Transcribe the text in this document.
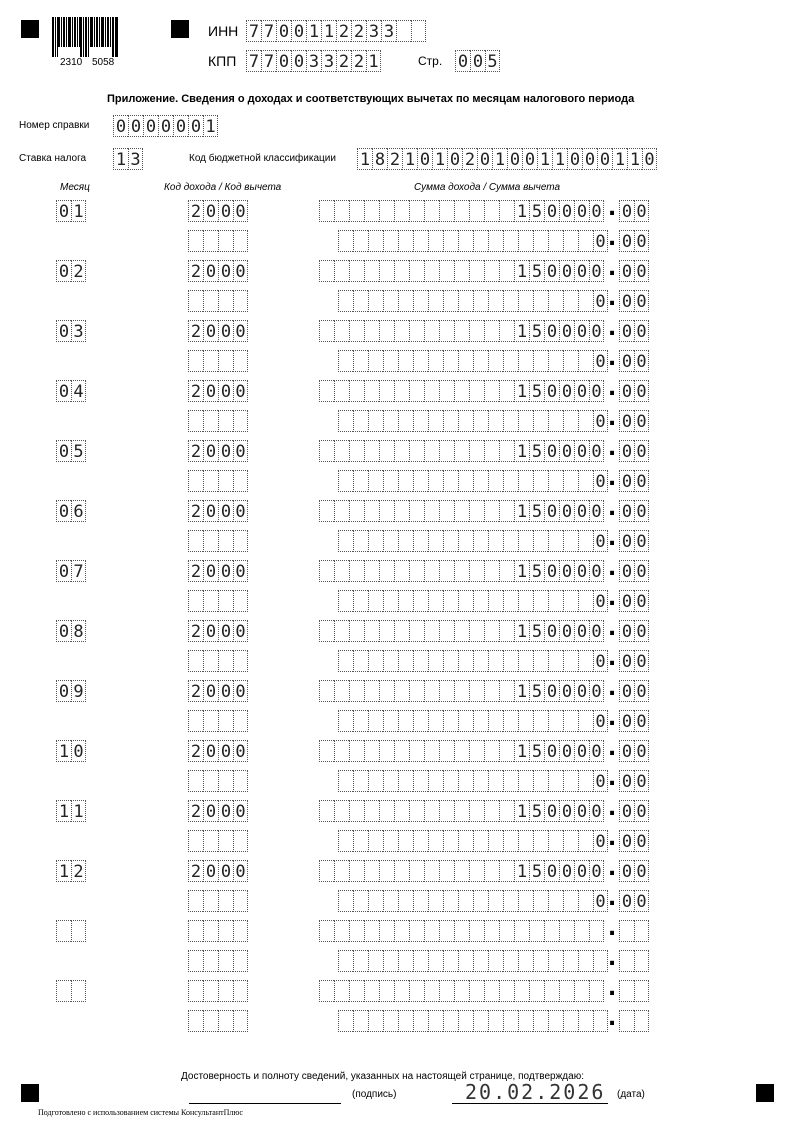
2310 5058
ИНН 7 7 0 0 1 1 2 2 3 3
КПП 7 7 0 0 3 3 2 2 1	Стр. 0 0 5
Приложение. Сведения о доходах и соответствующих вычетах по месяцам налогового периода
Номер справки 0 0 0 0 0 0 1
Ставка налога 1 3	Код бюджетной классификации 1 8 2 1 0 1 0 2 0 1 0 0 1 1 0 0 0 1 1 0
Месяц	Код дохода / Код вычета	Сумма дохода / Сумма вычета
0 1	2 0 0 0	1 5 0 0 0 0 . 0 0
0 . 0 0
0 2	2 0 0 0	1 5 0 0 0 0 . 0 0
0 . 0 0
0 3	2 0 0 0	1 5 0 0 0 0 . 0 0
0 . 0 0
0 4	2 0 0 0	1 5 0 0 0 0 . 0 0
0 . 0 0
0 5	2 0 0 0	1 5 0 0 0 0 . 0 0
0 . 0 0
0 6	2 0 0 0	1 5 0 0 0 0 . 0 0
0 . 0 0
0 7	2 0 0 0	1 5 0 0 0 0 . 0 0
0 . 0 0
0 8	2 0 0 0	1 5 0 0 0 0 . 0 0
0 . 0 0
0 9	2 0 0 0	1 5 0 0 0 0 . 0 0
0 . 0 0
1 0	2 0 0 0	1 5 0 0 0 0 . 0 0
0 . 0 0
1 1	2 0 0 0	1 5 0 0 0 0 . 0 0
0 . 0 0
1 2	2 0 0 0	1 5 0 0 0 0 . 0 0
0 . 0 0
.
.
.
.
Достоверность и полноту сведений, указанных на настоящей странице, подтверждаю:
(подпись)	20.02.2026 (дата)
Подготовлено с использованием системы КонсультантПлюс
